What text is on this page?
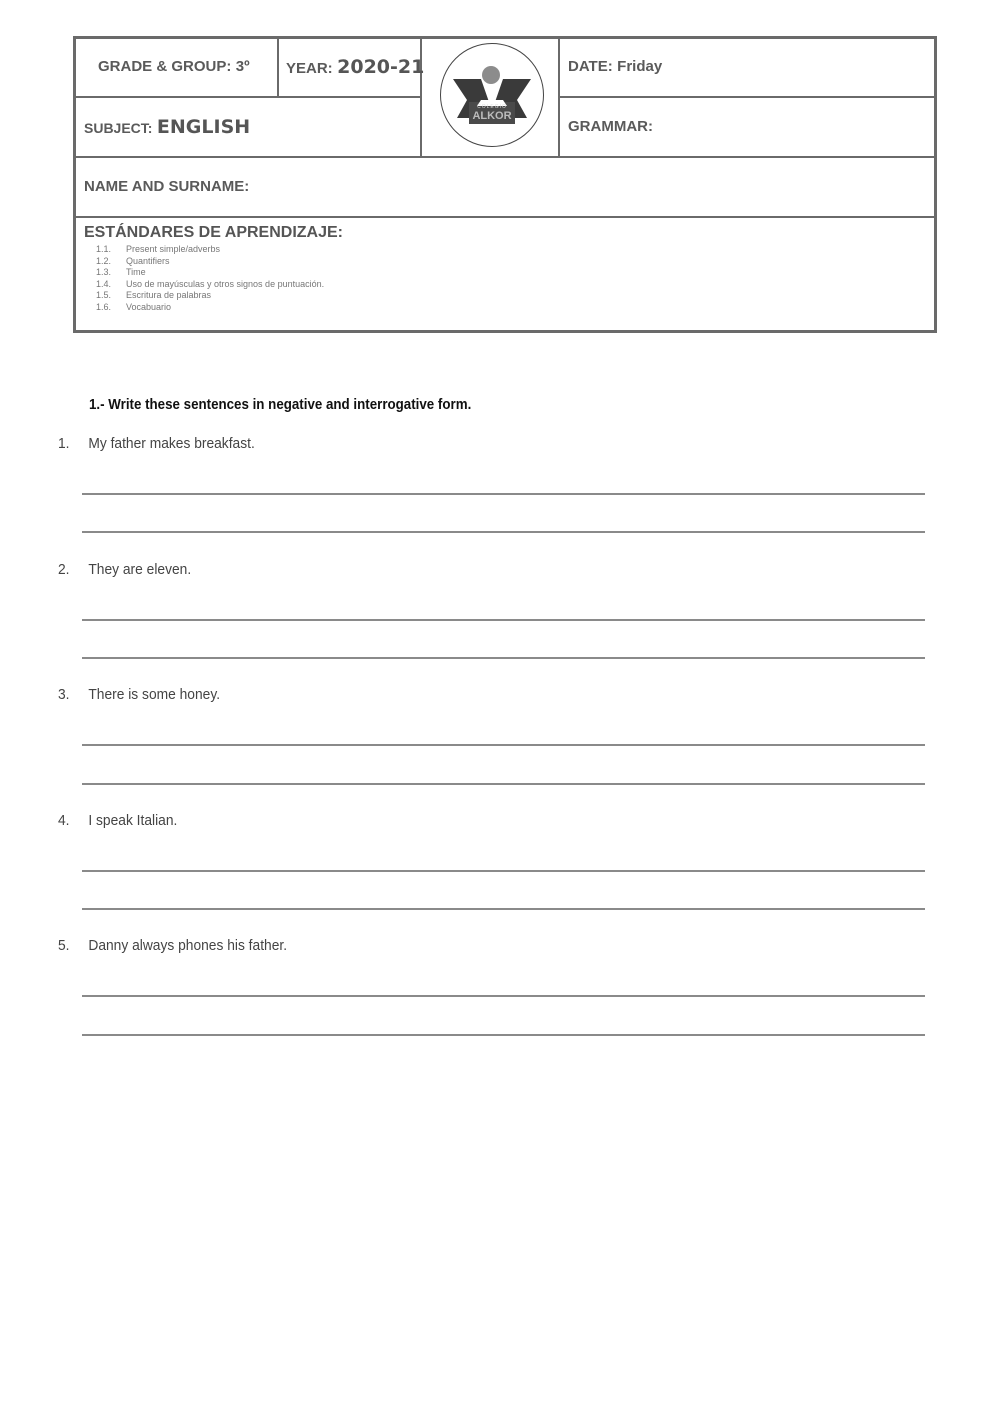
GRADE & GROUP: 3º YEAR: 2020-21
COLEGIO
ALKOR
DATE: Friday
SUBJECT: ENGLISH	GRAMMAR:
NAME AND SURNAME:
ESTÁNDARES DE APRENDIZAJE:
1.1. Present simple/adverbs
1.2. Quantifiers
1.3. Time
1.4. Uso de mayúsculas y otros signos de puntuación.
1.5. Escritura de palabras
1.6. Vocabuario
1.- Write these sentences in negative and interrogative form.
1. My father makes breakfast.
2. They are eleven.
3. There is some honey.
4. I speak Italian.
5. Danny always phones his father.
